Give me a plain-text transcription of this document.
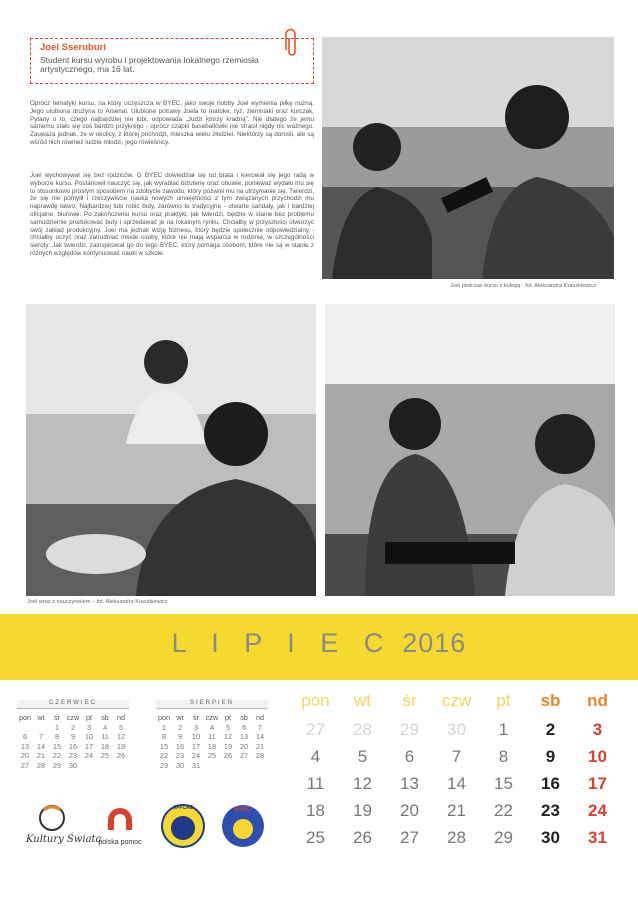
Joel Sseruburi
Student kursu wyrobu i projektowania lokalnego rzemiosła artystycznego, ma 16 lat.

Oprócz tematyki kursu, na który uczęszcza w BYEC, jako swoje hobby Joel wymienia piłkę nożną. Jego ulubiona drużyna to Arsenal. Ulubione potrawy Joela to matoke, ryż, ziemniaki oraz kurczak. Pytany o to, czego najbardziej nie lubi, odpowiada „Judzi którzy kradną”. Nie dlatego że jemu samemu stało się coś bardzo przykrego - oprócz czapki baseballówki nie stracił nigdy nic ważnego. Zauważa jednak, że w okolicy, z której pochodzi, mieszka wielu złodziei. Niektórzy są dorośli, ale są wśród nich również ludzie młodzi, jego rówieśnicy.

Joel wychowywał się bez rodziców. O BYEC dowiedział się od brata i kierował się jego radą w wyborze kursu. Postanowił nauczyć się, jak wyrabiać biżuterię oraz obuwie, ponieważ wydało mu się to stosunkowo prostym sposobem na zdobycie zawodu, który pozwoli mu na utrzymanie się. Twierdzi, że się nie pomylił i rzeczywiście nauka nowych umiejętności z tym związanych przychodzi mu naprawdę łatwo. Najbardziej lubi robić buty, zarówno te tradycyjne - otwarte sandały, jak i bardziej oficjalne, biurowe. Po zakończeniu kursu oraz praktyki, jak twierdzi, będzie w stanie bez problemu samodzielnie produkować buty i sprzedawać je na lokalnym rynku. Chciałby w przyszłości otworzyć swój zakład produkcyjny. Joel ma jednak wizję biznesu, który będzie społecznie odpowiedzialny - chciałby uczyć oraz zatrudniać młode osoby, które nie mają wsparcia w rodzinie, w szczególności sieroty. Jak twierdzi, zainspirował go do tego BYEC, który pomaga osobom, które nie są w stanie z różnych względów kontynuować nauki w szkole.

Joel podczas kursu z kolegą - fot. Aleksandra Kraszkiewicz
Joel wraz z nauczycielem – fot. Aleksandra Kraszkiewicz
L I P I E C 2016
CZERWIEC
pon	wt	śr	czw	pt	sb	nd
		1	2	3	4	5
6	7	8	9	10	11	12
13	14	15	16	17	18	19
20	21	22	23	24	25	26
27	28	29	30			
SIERPIEŃ
pon	wt	śr	czw	pt	sb	nd
1	2	3	4	5	6	7
8	9	10	11	12	13	14
15	16	17	18	19	20	21
22	23	24	25	26	27	28
29	30	31				
Kultury Świata
polska pomoc
AFFCAD	BYEC
pon	wt	śr	czw	pt	sb	nd
27	28	29	30	1	2	3
4	5	6	7	8	9	10
11	12	13	14	15	16	17
18	19	20	21	22	23	24
25	26	27	28	29	30	31
